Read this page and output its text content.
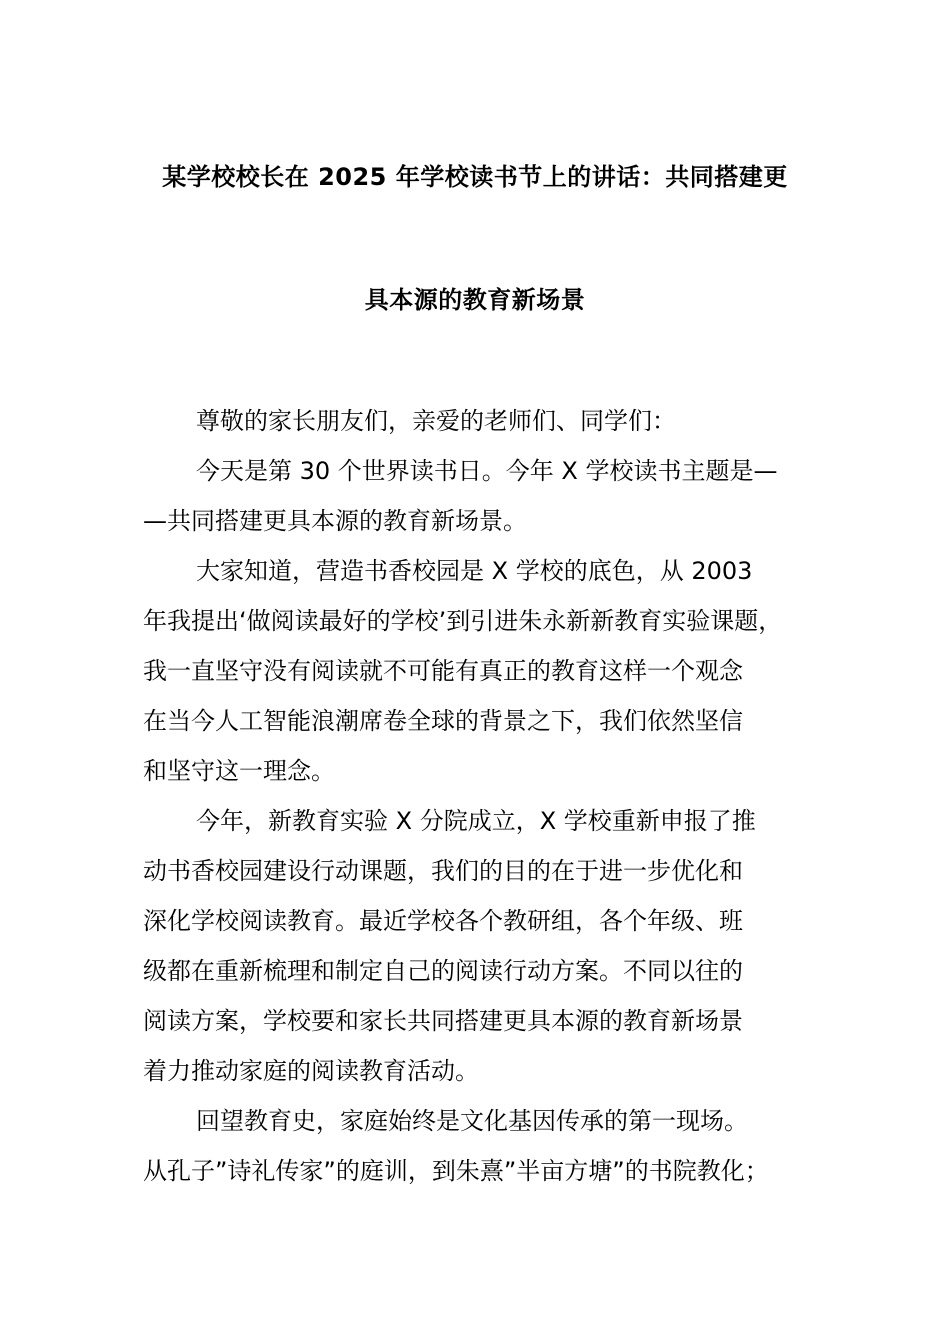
某学校校长在 2025 年学校读书节上的讲话：共同搭建更
具本源的教育新场景
尊敬的家长朋友们，亲爱的老师们、同学们：
今天是第 30 个世界读书日。今年 X 学校读书主题是—
—共同搭建更具本源的教育新场景。
大家知道，营造书香校园是 X 学校的底色，从 2003
年我提出‘做阅读最好的学校’到引进朱永新新教育实验课题，
我一直坚守没有阅读就不可能有真正的教育这样一个观念
在当今人工智能浪潮席卷全球的背景之下，我们依然坚信
和坚守这一理念。
今年，新教育实验 X 分院成立，X 学校重新申报了推
动书香校园建设行动课题，我们的目的在于进一步优化和
深化学校阅读教育。最近学校各个教研组，各个年级、班
级都在重新梳理和制定自己的阅读行动方案。不同以往的
阅读方案，学校要和家长共同搭建更具本源的教育新场景
着力推动家庭的阅读教育活动。
回望教育史，家庭始终是文化基因传承的第一现场。
从孔子”诗礼传家”的庭训，到朱熹”半亩方塘”的书院教化；
